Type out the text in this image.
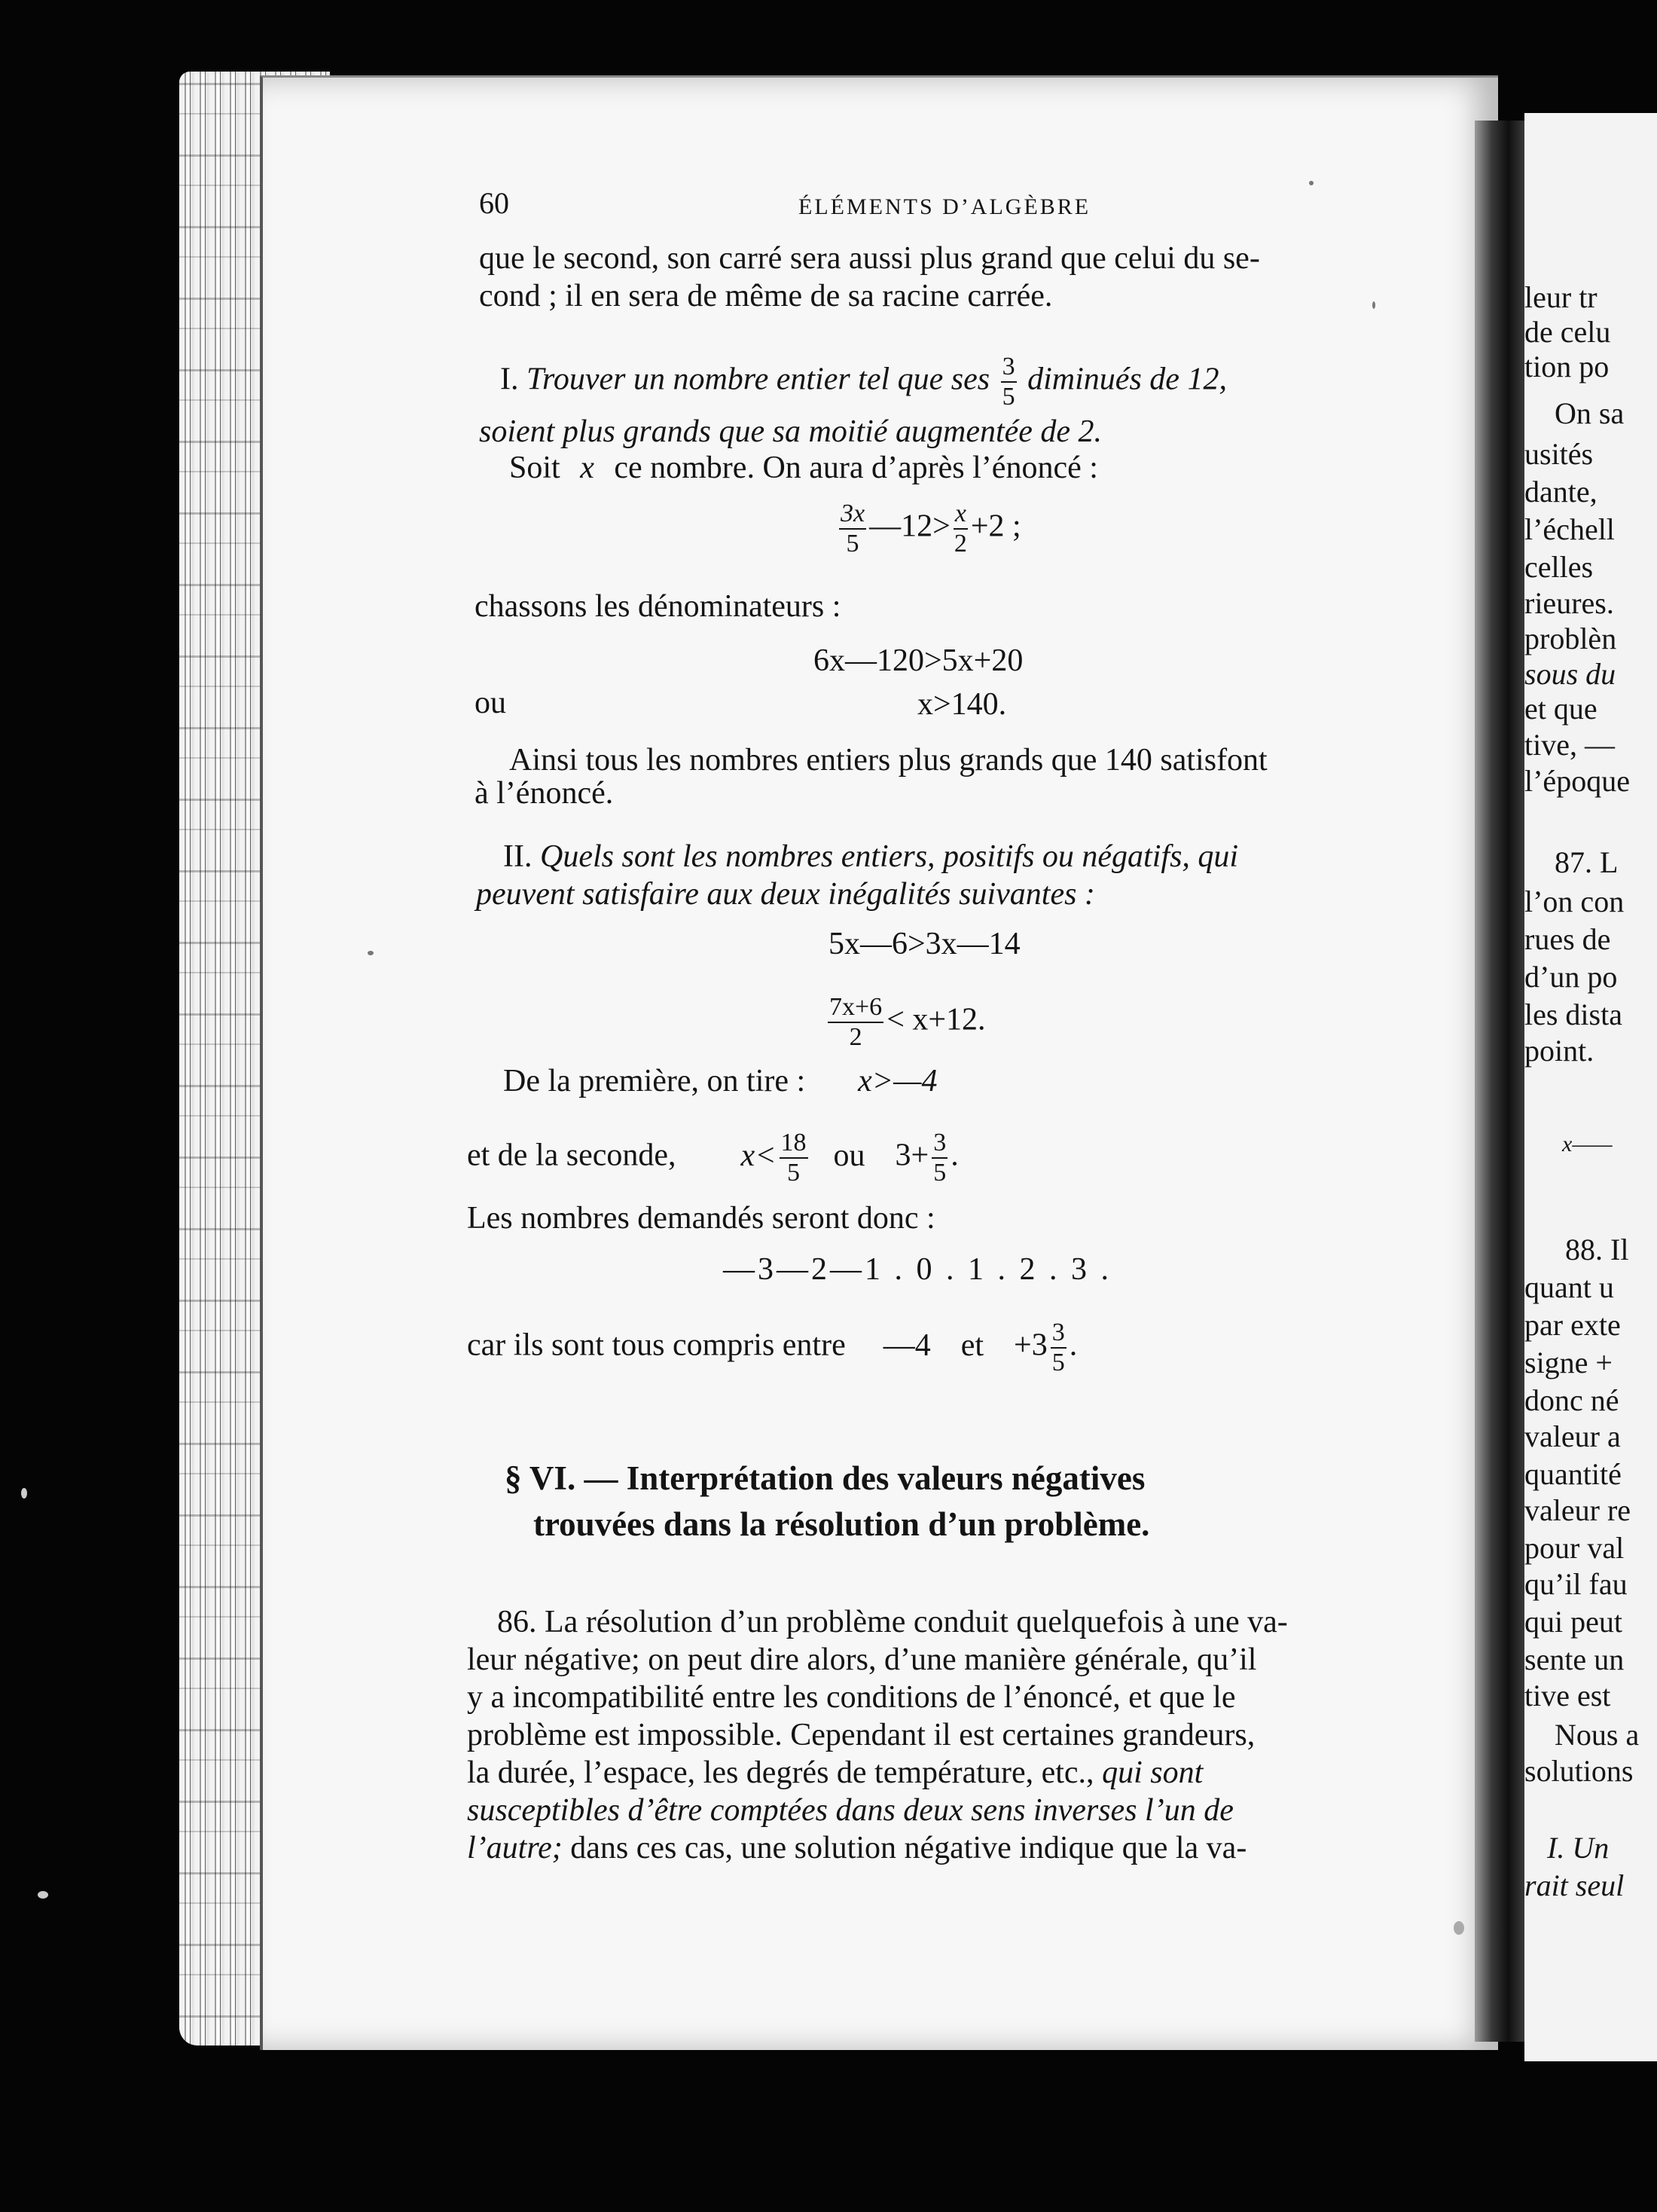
leur tr
de celu
tion po
On sa
usités
dante,
l’échell
celles
rieures.
problèn
sous du
et que
tive, —
l’époque
87. L
l’on con
rues de
d’un po
les dista
point.
x——
88. Il
quant u
par exte
signe +
donc né
valeur a
quantité
valeur re
pour val
qu’il fau
qui peut
sente un
tive est
Nous a
solutions
I. Un
rait seul
60	ÉLÉMENTS D’ALGÈBRE
que le second, son carré sera aussi plus grand que celui du se-
cond ; il en sera de même de sa racine carrée.
I. Trouver un nombre entier tel que ses $\frac{3}{5}$ diminués de 12,
soient plus grands que sa moitié augmentée de 2.
Soit x ce nombre. On aura d’après l’énoncé :
$\frac{3x}{5}$ —12> $\frac{x}{2} +2$ ;
chassons les dénominateurs :
6x—120>5x+20
ou	x>140.
Ainsi tous les nombres entiers plus grands que 140 satisfont
à l’énoncé.
II. Quels sont les nombres entiers, positifs ou négatifs, qui
peuvent satisfaire aux deux inégalités suivantes :
5x—6>3x—14
$\frac{7x+6}{2} < x+12$.
De la première, on tire : x>—4
et de la seconde, $x< \frac{18}{5}$ ou $3+ \frac{3}{5}$ .
Les nombres demandés seront donc :
—3—2—1 . 0 . 1 . 2 . 3 .
car ils sont tous compris entre —4 et $+3 \frac{3}{5}$ .
§ VI. — Interprétation des valeurs négatives
trouvées dans la résolution d’un problème.
86. La résolution d’un problème conduit quelquefois à une va-
leur négative; on peut dire alors, d’une manière générale, qu’il
y a incompatibilité entre les conditions de l’énoncé, et que le
problème est impossible. Cependant il est certaines grandeurs,
la durée, l’espace, les degrés de température, etc., qui sont
susceptibles d’être comptées dans deux sens inverses l’un de
l’autre; dans ces cas, une solution négative indique que la va-
